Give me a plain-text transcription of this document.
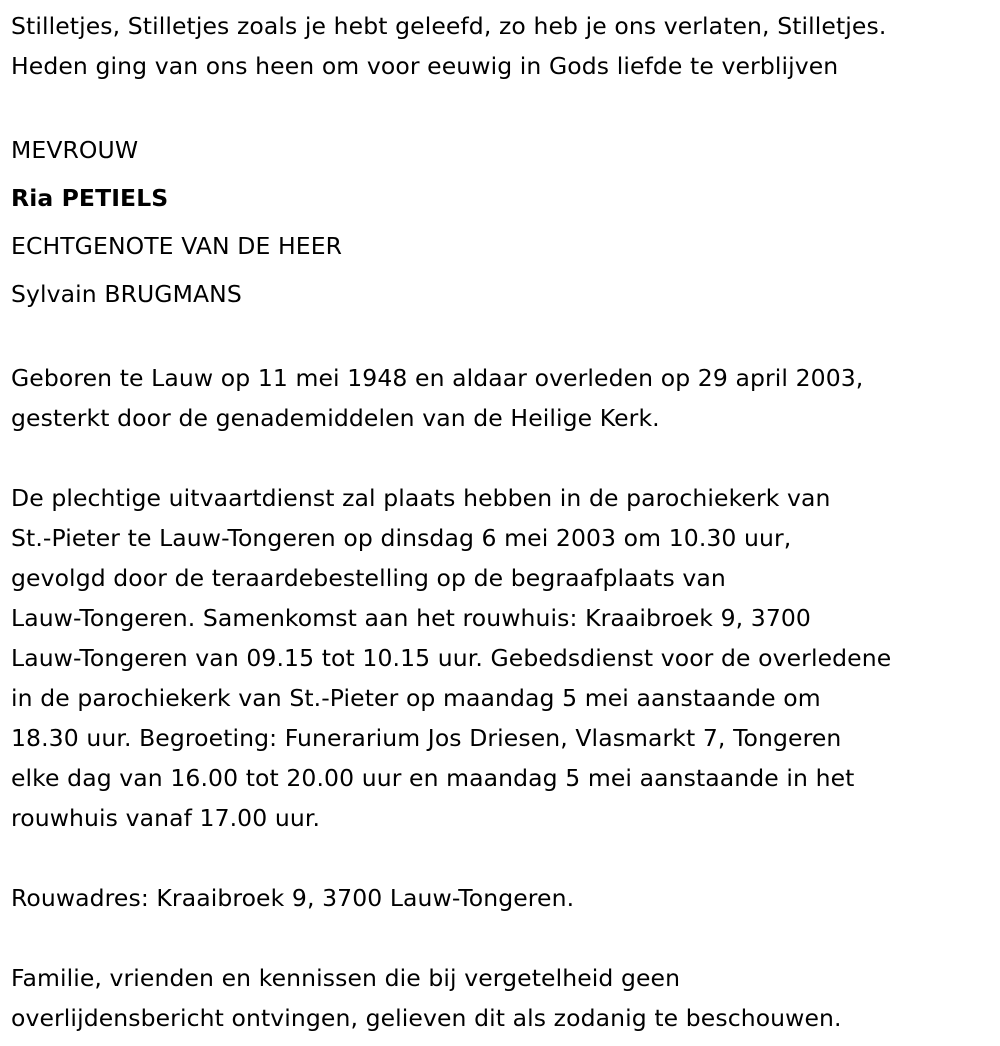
Stilletjes, Stilletjes zoals je hebt geleefd, zo heb je ons verlaten, Stilletjes.
Heden ging van ons heen om voor eeuwig in Gods liefde te verblijven
MEVROUW
Ria PETIELS
ECHTGENOTE VAN DE HEER
Sylvain BRUGMANS
Geboren te Lauw op 11 mei 1948 en aldaar overleden op 29 april 2003,
gesterkt door de genademiddelen van de Heilige Kerk.
De plechtige uitvaartdienst zal plaats hebben in de parochiekerk van
St.-Pieter te Lauw-Tongeren op dinsdag 6 mei 2003 om 10.30 uur,
gevolgd door de teraardebestelling op de begraafplaats van
Lauw-Tongeren. Samenkomst aan het rouwhuis: Kraaibroek 9, 3700
Lauw-Tongeren van 09.15 tot 10.15 uur. Gebedsdienst voor de overledene
in de parochiekerk van St.-Pieter op maandag 5 mei aanstaande om
18.30 uur. Begroeting: Funerarium Jos Driesen, Vlasmarkt 7, Tongeren
elke dag van 16.00 tot 20.00 uur en maandag 5 mei aanstaande in het
rouwhuis vanaf 17.00 uur.
Rouwadres: Kraaibroek 9, 3700 Lauw-Tongeren.
Familie, vrienden en kennissen die bij vergetelheid geen
overlijdensbericht ontvingen, gelieven dit als zodanig te beschouwen.
